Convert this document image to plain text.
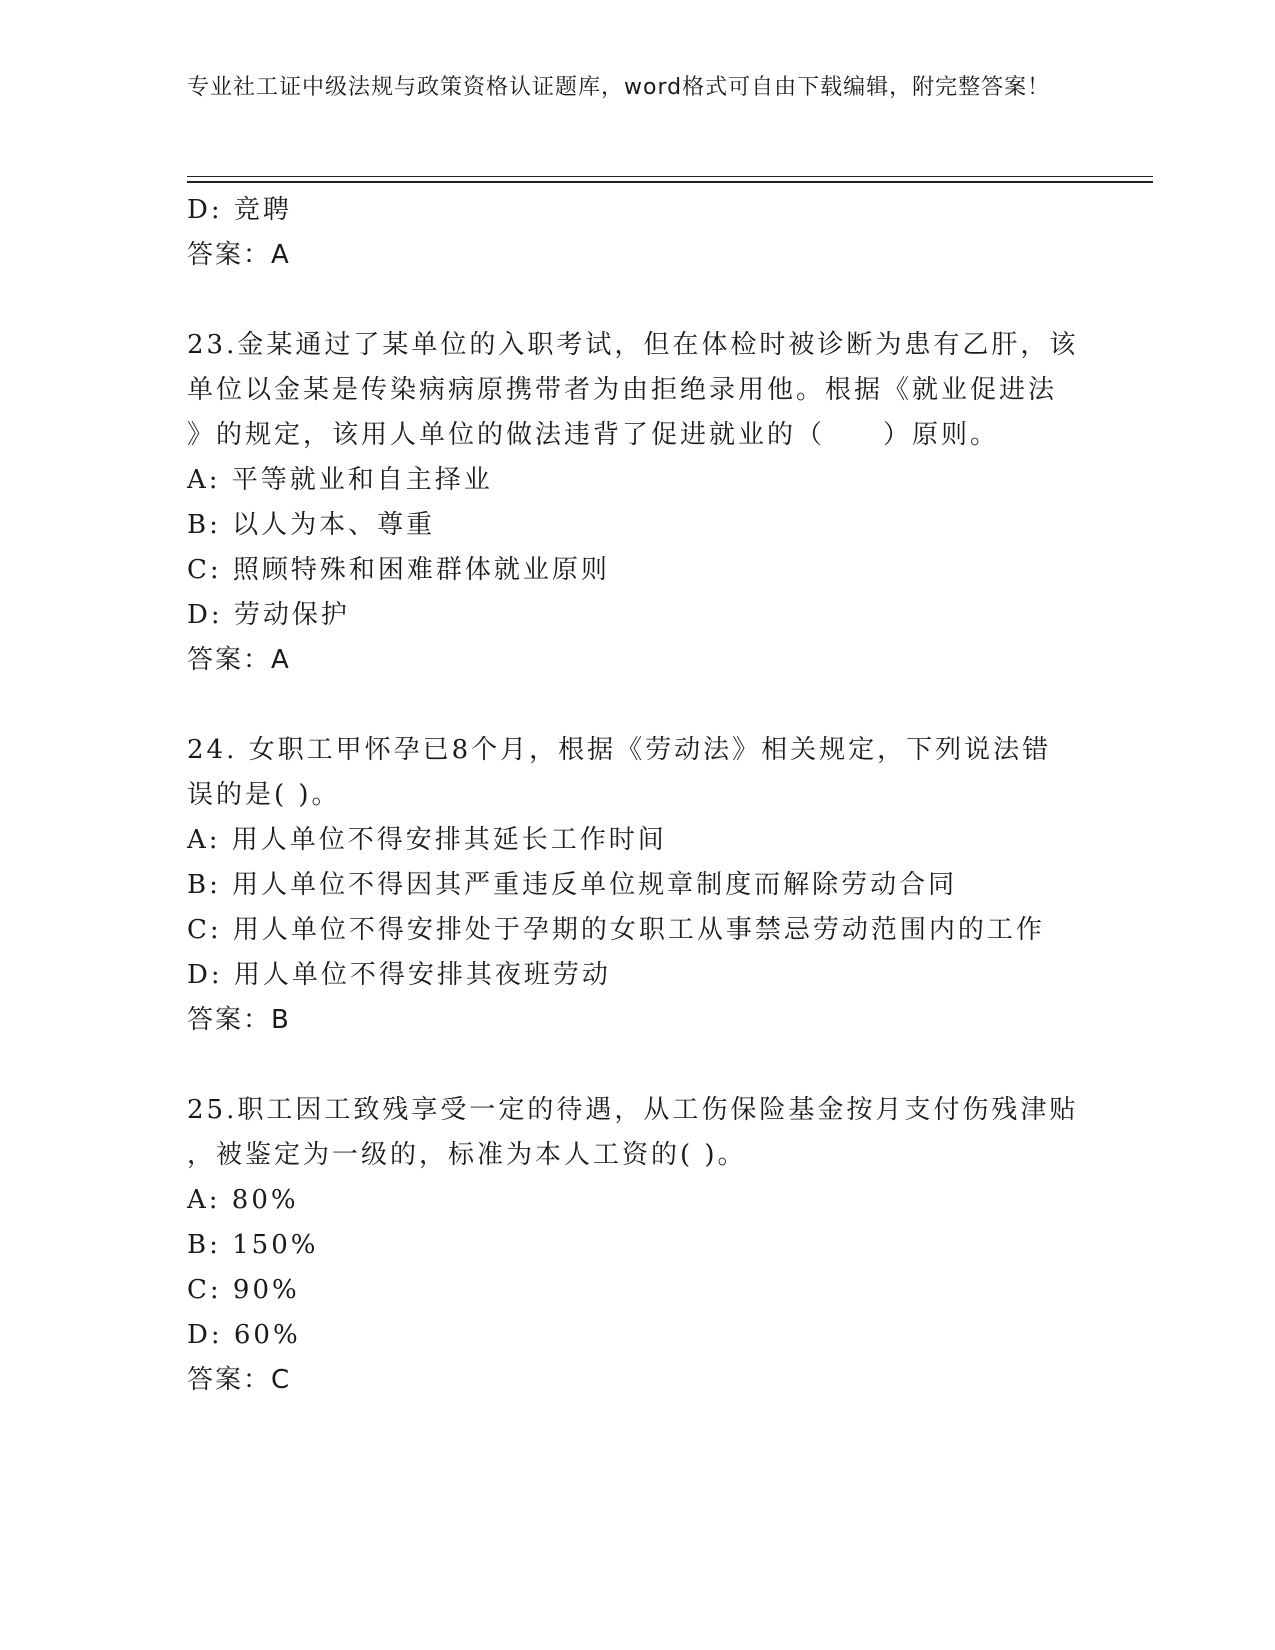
专业社工证中级法规与政策资格认证题库，word格式可自由下载编辑，附完整答案！
D: 竞聘
答案：A
23.金某通过了某单位的入职考试，但在体检时被诊断为患有乙肝，该
单位以金某是传染病病原携带者为由拒绝录用他。根据《就业促进法
》的规定，该用人单位的做法违背了促进就业的（　　）原则。
A: 平等就业和自主择业
B: 以人为本、尊重
C: 照顾特殊和困难群体就业原则
D: 劳动保护
答案：A
24. 女职工甲怀孕已8个月，根据《劳动法》相关规定，下列说法错
误的是( )。
A: 用人单位不得安排其延长工作时间
B: 用人单位不得因其严重违反单位规章制度而解除劳动合同
C: 用人单位不得安排处于孕期的女职工从事禁忌劳动范围内的工作
D: 用人单位不得安排其夜班劳动
答案：B
25.职工因工致残享受一定的待遇，从工伤保险基金按月支付伤残津贴
，被鉴定为一级的，标准为本人工资的( )。
A: 80%
B: 150%
C: 90%
D: 60%
答案：C
